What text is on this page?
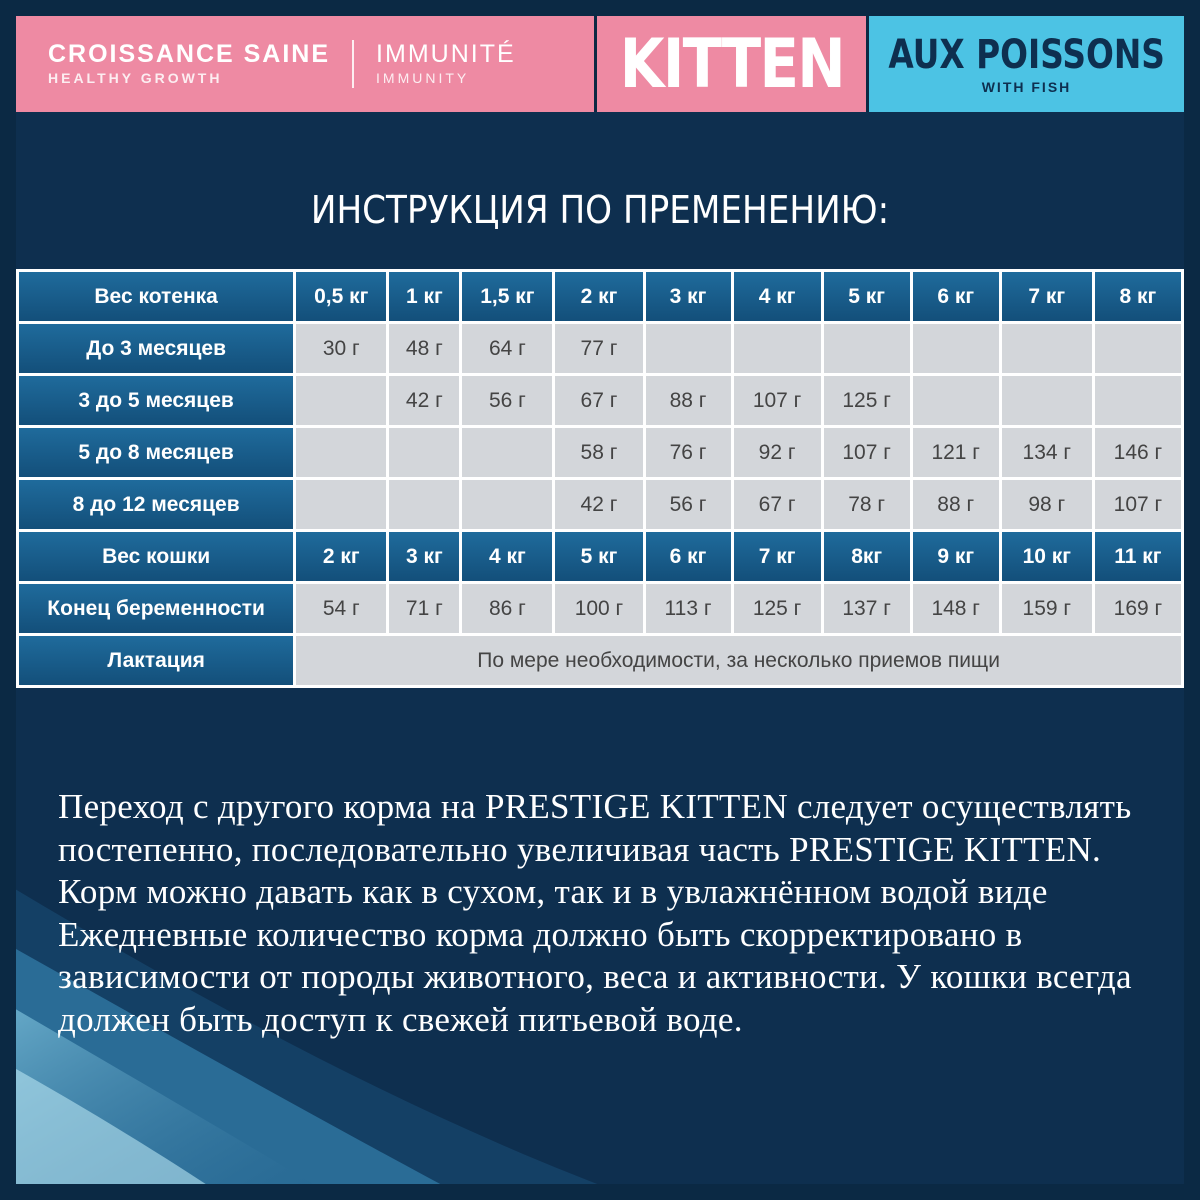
CROISSANCE SAINE
HEALTHY GROWTH
IMMUNITÉ
IMMUNITY	KITTEN AUX POISSONS
WITH FISH
ИНСТРУКЦИЯ ПО ПРЕМЕНЕНИЮ:
Вес котенка	0,5 кг	1 кг	1,5 кг	2 кг	3 кг	4 кг	5 кг	6 кг	7 кг	8 кг
До 3 месяцев	30 г	48 г	64 г	77 г						
3 до 5 месяцев		42 г	56 г	67 г	88 г	107 г	125 г			
5 до 8 месяцев				58 г	76 г	92 г	107 г	121 г	134 г	146 г
8 до 12 месяцев				42 г	56 г	67 г	78 г	88 г	98 г	107 г
Вес кошки	2 кг	3 кг	4 кг	5 кг	6 кг	7 кг	8кг	9 кг	10 кг	11 кг
Конец беременности	54 г	71 г	86 г	100 г	113 г	125 г	137 г	148 г	159 г	169 г
Лактация	По мере необходимости, за несколько приемов пищи									
Переход с другого корма на PRESTIGE KITTEN следует осуществлять постепенно, последовательно увеличивая часть PRESTIGE KITTEN. Корм можно давать как в сухом, так и в увлажнённом водой виде Ежедневные количество корма должно быть скорректировано в зависимости от породы животного, веса и активности. У кошки всегда должен быть доступ к свежей питьевой воде.
